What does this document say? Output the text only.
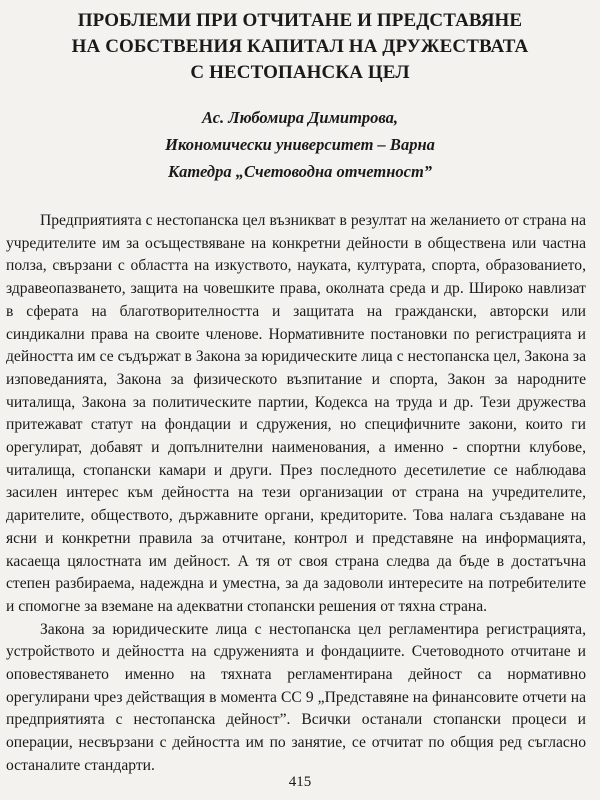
ПРОБЛЕМИ ПРИ ОТЧИТАНЕ И ПРЕДСТАВЯНЕ
НА СОБСТВЕНИЯ КАПИТАЛ НА ДРУЖЕСТВАТА
С НЕСТОПАНСКА ЦЕЛ
Ас. Любомира Димитрова,
Икономически университет – Варна
Катедра „Счетоводна отчетност”

Предприятията с нестопанска цел възникват в резултат на желанието от страна на учредителите им за осъществяване на конкретни дейности в обществена или частна полза, свързани с областта на изкуството, науката, културата, спорта, образованието, здравеопазването, защита на човешките права, околната среда и др. Широко навлизат в сферата на благотворителността и защитата на граждански, авторски или синдикални права на своите членове. Нормативните постановки по регистрацията и дейността им се съдържат в Закона за юридическите лица с нестопанска цел, Закона за изповеданията, Закона за физическото възпитание и спорта, Закон за народните читалища, Закона за политическите партии, Кодекса на труда и др. Тези дружества притежават статут на фондации и сдружения, но специфичните закони, които ги орегулират, добавят и допълнителни наименования, а именно - спортни клубове, читалища, стопански камари и други. През последното десетилетие се наблюдава засилен интерес към дейността на тези организации от страна на учредителите, дарителите, обществото, държавните органи, кредиторите. Това налага създаване на ясни и конкретни правила за отчитане, контрол и представяне на информацията, касаеща цялостната им дейност. А тя от своя страна следва да бъде в достатъчна степен разбираема, надеждна и уместна, за да задоволи интересите на потребителите и спомогне за вземане на адекватни стопански решения от тяхна страна.

Закона за юридическите лица с нестопанска цел регламентира регистрацията, устройството и дейността на сдруженията и фондациите. Счетоводното отчитане и оповестяването именно на тяхната регламентирана дейност са нормативно орегулирани чрез действащия в момента СС 9 „Представяне на финансовите отчети на предприятията с нестопанска дейност”. Всички останали стопански процеси и операции, несвързани с дейността им по занятие, се отчитат по общия ред съгласно останалите стандарти.

415
